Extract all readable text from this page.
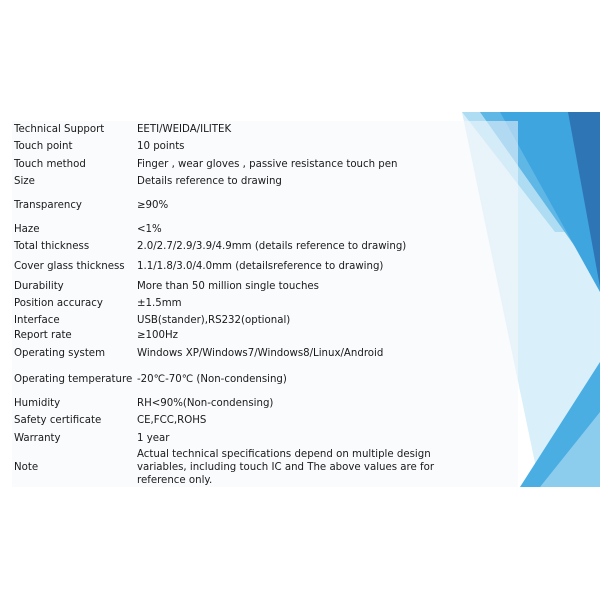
Technical Support	EETI/WEIDA/ILITEK
Touch point	10 points
Touch method	Finger , wear gloves , passive resistance touch pen
Size	Details reference to drawing
Transparency	≥90%
Haze	<1%
Total thickness	2.0/2.7/2.9/3.9/4.9mm (details reference to drawing)
Cover glass thickness	1.1/1.8/3.0/4.0mm (detailsreference to drawing)
Durability	More than 50 million single touches
Position accuracy	±1.5mm
Interface	USB(stander),RS232(optional)
Report rate	≥100Hz
Operating system	Windows XP/Windows7/Windows8/Linux/Android
Operating temperature	-20℃-70℃ (Non-condensing)
Humidity	RH<90%(Non-condensing)
Safety certificate	CE,FCC,ROHS
Warranty	1 year
Note	Actual technical specifications depend on multiple design variables, including touch IC and The above values are for reference only.
